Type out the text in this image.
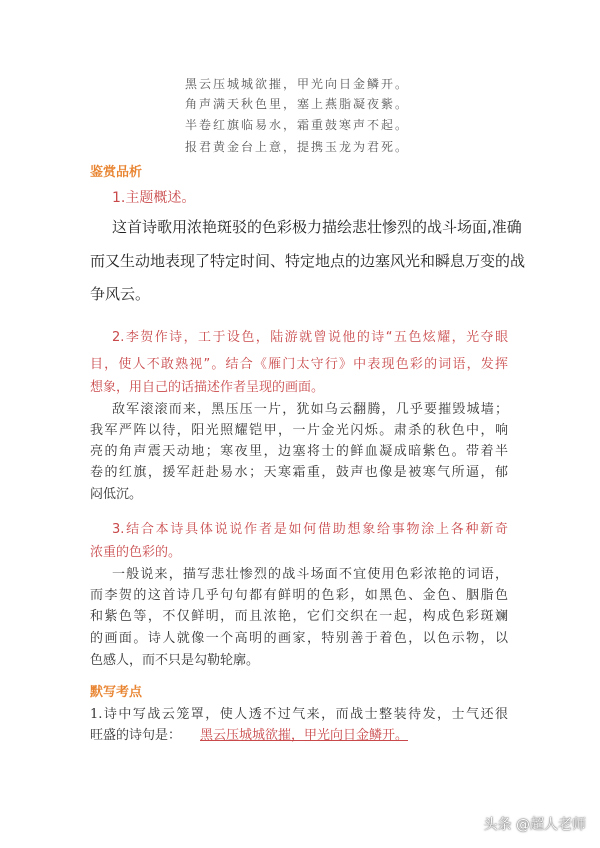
黑云压城城欲摧，甲光向日金鳞开。
角声满天秋色里，塞上燕脂凝夜紫。
半卷红旗临易水，霜重鼓寒声不起。
报君黄金台上意，提携玉龙为君死。
鉴赏品析
1.主题概述。
这首诗歌用浓艳斑驳的色彩极力描绘悲壮惨烈的战斗场面,准确
而又生动地表现了特定时间、特定地点的边塞风光和瞬息万变的战
争风云。
2.李贺作诗，工于设色，陆游就曾说他的诗“五色炫耀，光夺眼
目，使人不敢熟视”。结合《雁门太守行》中表现色彩的词语，发挥
想象，用自己的话描述作者呈现的画面。
敌军滚滚而来，黑压压一片，犹如乌云翻腾，几乎要摧毁城墙；
我军严阵以待，阳光照耀铠甲，一片金光闪烁。肃杀的秋色中，响
亮的角声震天动地；寒夜里，边塞将士的鲜血凝成暗紫色。带着半
卷的红旗，援军赶赴易水；天寒霜重，鼓声也像是被寒气所逼，郁
闷低沉。
3.结合本诗具体说说作者是如何借助想象给事物涂上各种新奇
浓重的色彩的。
一般说来，描写悲壮惨烈的战斗场面不宜使用色彩浓艳的词语，
而李贺的这首诗几乎句句都有鲜明的色彩，如黑色、金色、胭脂色
和紫色等，不仅鲜明，而且浓艳，它们交织在一起，构成色彩斑斓
的画面。诗人就像一个高明的画家，特别善于着色，以色示物，以
色感人，而不只是勾勒轮廓。
默写考点
1.诗中写战云笼罩，使人透不过气来，而战士整装待发，士气还很
旺盛的诗句是：	黑云压城城欲摧，甲光向日金鳞开。
头条 @超人老师
